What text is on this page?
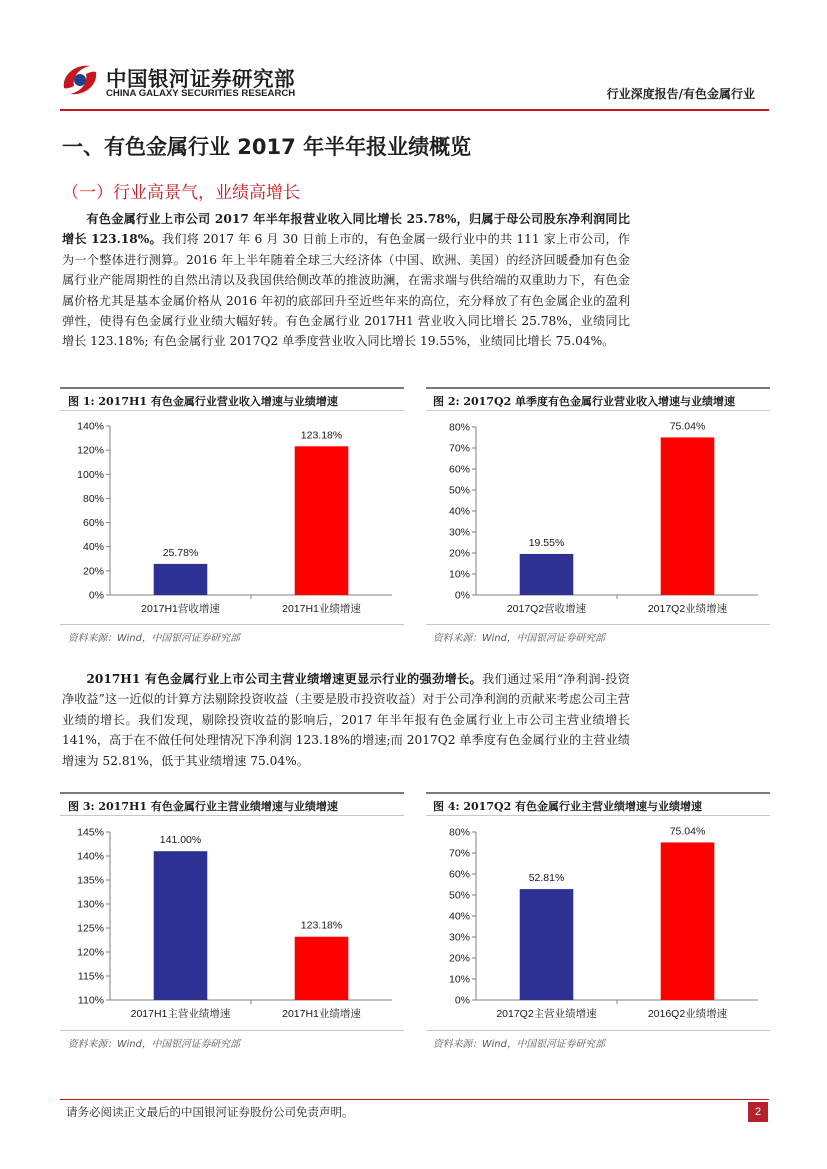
中国银河证券研究部
CHINA GALAXY SECURITIES RESEARCH	行业深度报告/有色金属行业
一、有色金属行业 2017 年半年报业绩概览
（一）行业高景气，业绩高增长
有色金属行业上市公司 2017 年半年报营业收入同比增长 25.78%，归属于母公司股东净利润同比增长 123.18%。我们将 2017 年 6 月 30 日前上市的，有色金属一级行业中的共 111 家上市公司，作为一个整体进行测算。2016 年上半年随着全球三大经济体（中国、欧洲、美国）的经济回暖叠加有色金属行业产能周期性的自然出清以及我国供给侧改革的推波助澜，在需求端与供给端的双重助力下，有色金属价格尤其是基本金属价格从 2016 年初的底部回升至近些年来的高位，充分释放了有色金属企业的盈利弹性，使得有色金属行业业绩大幅好转。有色金属行业 2017H1 营业收入同比增长 25.78%，业绩同比增长 123.18%; 有色金属行业 2017Q2 单季度营业收入同比增长 19.55%，业绩同比增长 75.04%。
图 1: 2017H1 有色金属行业营业收入增速与业绩增速	图 2: 2017Q2 单季度有色金属行业营业收入增速与业绩增速
0%
20%
40%
60%
80%
100%
120%
140%
25.78%
2017H1营收增速
123.18%
2017H1业绩增速
0%
10%
20%
30%
40%
50%
60%
70%
80%
19.55%
2017Q2营收增速
75.04%
2017Q2业绩增速
资料来源：Wind，中国银河证券研究部	资料来源：Wind，中国银河证券研究部
2017H1 有色金属行业上市公司主营业绩增速更显示行业的强劲增长。我们通过采用“净利润-投资净收益”这一近似的计算方法剔除投资收益（主要是股市投资收益）对于公司净利润的贡献来考虑公司主营业绩的增长。我们发现，剔除投资收益的影响后，2017 年半年报有色金属行业上市公司主营业绩增长 141%，高于在不做任何处理情况下净利润 123.18%的增速;而 2017Q2 单季度有色金属行业的主营业绩增速为 52.81%，低于其业绩增速 75.04%。
图 3: 2017H1 有色金属行业主营业绩增速与业绩增速	图 4: 2017Q2 有色金属行业主营业绩增速与业绩增速
110%
115%
120%
125%
130%
135%
140%
145%
141.00%
2017H1主营业绩增速
123.18%
2017H1业绩增速
0%
10%
20%
30%
40%
50%
60%
70%
80%
52.81%
2017Q2主营业绩增速
75.04%
2016Q2业绩增速
资料来源：Wind，中国银河证券研究部	资料来源：Wind，中国银河证券研究部
请务必阅读正文最后的中国银河证券股份公司免责声明。	2
